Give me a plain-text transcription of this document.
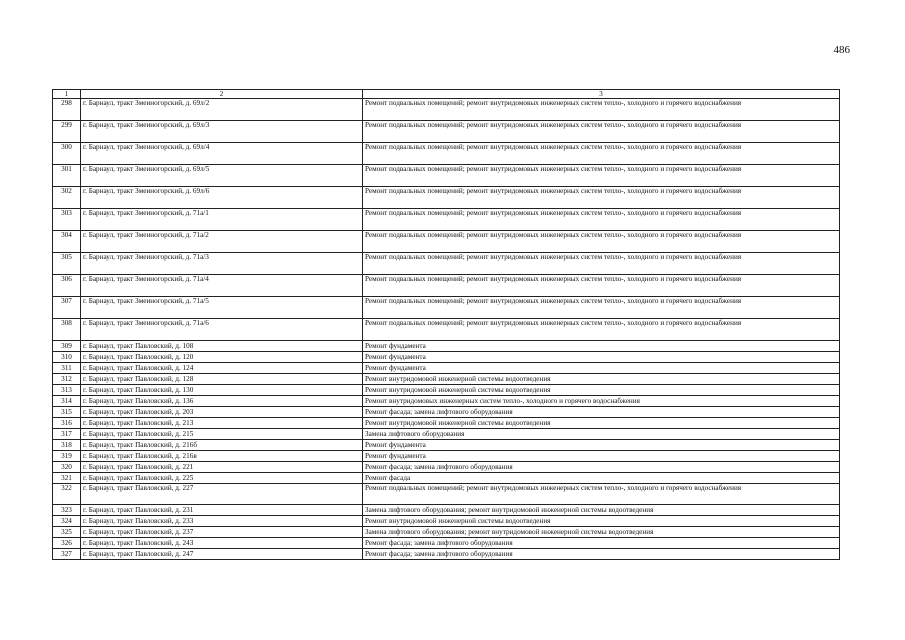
486
1	2	3
298	г. Барнаул, тракт Змеиногорский, д. 69л/2	Ремонт подвальных помещений; ремонт внутридомовых инженерных систем тепло-, холодного и горячего водоснабжения
299	г. Барнаул, тракт Змеиногорский, д. 69л/3	Ремонт подвальных помещений; ремонт внутридомовых инженерных систем тепло-, холодного и горячего водоснабжения
300	г. Барнаул, тракт Змеиногорский, д. 69л/4	Ремонт подвальных помещений; ремонт внутридомовых инженерных систем тепло-, холодного и горячего водоснабжения
301	г. Барнаул, тракт Змеиногорский, д. 69л/5	Ремонт подвальных помещений; ремонт внутридомовых инженерных систем тепло-, холодного и горячего водоснабжения
302	г. Барнаул, тракт Змеиногорский, д. 69л/6	Ремонт подвальных помещений; ремонт внутридомовых инженерных систем тепло-, холодного и горячего водоснабжения
303	г. Барнаул, тракт Змеиногорский, д. 71а/1	Ремонт подвальных помещений; ремонт внутридомовых инженерных систем тепло-, холодного и горячего водоснабжения
304	г. Барнаул, тракт Змеиногорский, д. 71а/2	Ремонт подвальных помещений; ремонт внутридомовых инженерных систем тепло-, холодного и горячего водоснабжения
305	г. Барнаул, тракт Змеиногорский, д. 71а/3	Ремонт подвальных помещений; ремонт внутридомовых инженерных систем тепло-, холодного и горячего водоснабжения
306	г. Барнаул, тракт Змеиногорский, д. 71а/4	Ремонт подвальных помещений; ремонт внутридомовых инженерных систем тепло-, холодного и горячего водоснабжения
307	г. Барнаул, тракт Змеиногорский, д. 71а/5	Ремонт подвальных помещений; ремонт внутридомовых инженерных систем тепло-, холодного и горячего водоснабжения
308	г. Барнаул, тракт Змеиногорский, д. 71а/6	Ремонт подвальных помещений; ремонт внутридомовых инженерных систем тепло-, холодного и горячего водоснабжения
309	г. Барнаул, тракт Павловский, д. 108	Ремонт фундамента
310	г. Барнаул, тракт Павловский, д. 120	Ремонт фундамента
311	г. Барнаул, тракт Павловский, д. 124	Ремонт фундамента
312	г. Барнаул, тракт Павловский, д. 128	Ремонт внутридомовой инженерной системы водоотведения
313	г. Барнаул, тракт Павловский, д. 130	Ремонт внутридомовой инженерной системы водоотведения
314	г. Барнаул, тракт Павловский, д. 136	Ремонт внутридомовых инженерных систем тепло-, холодного и горячего водоснабжения
315	г. Барнаул, тракт Павловский, д. 203	Ремонт фасада; замена лифтового оборудования
316	г. Барнаул, тракт Павловский, д. 213	Ремонт внутридомовой инженерной системы водоотведения
317	г. Барнаул, тракт Павловский, д. 215	Замена лифтового оборудования
318	г. Барнаул, тракт Павловский, д. 216б	Ремонт фундамента
319	г. Барнаул, тракт Павловский, д. 216в	Ремонт фундамента
320	г. Барнаул, тракт Павловский, д. 221	Ремонт фасада; замена лифтового оборудования
321	г. Барнаул, тракт Павловский, д. 225	Ремонт фасада
322	г. Барнаул, тракт Павловский, д. 227	Ремонт подвальных помещений; ремонт внутридомовых инженерных систем тепло-, холодного и горячего водоснабжения
323	г. Барнаул, тракт Павловский, д. 231	Замена лифтового оборудования; ремонт внутридомовой инженерной системы водоотведения
324	г. Барнаул, тракт Павловский, д. 233	Ремонт внутридомовой инженерной системы водоотведения
325	г. Барнаул, тракт Павловский, д. 237	Замена лифтового оборудования; ремонт внутридомовой инженерной системы водоотведения
326	г. Барнаул, тракт Павловский, д. 243	Ремонт фасада; замена лифтового оборудования
327	г. Барнаул, тракт Павловский, д. 247	Ремонт фасада; замена лифтового оборудования
